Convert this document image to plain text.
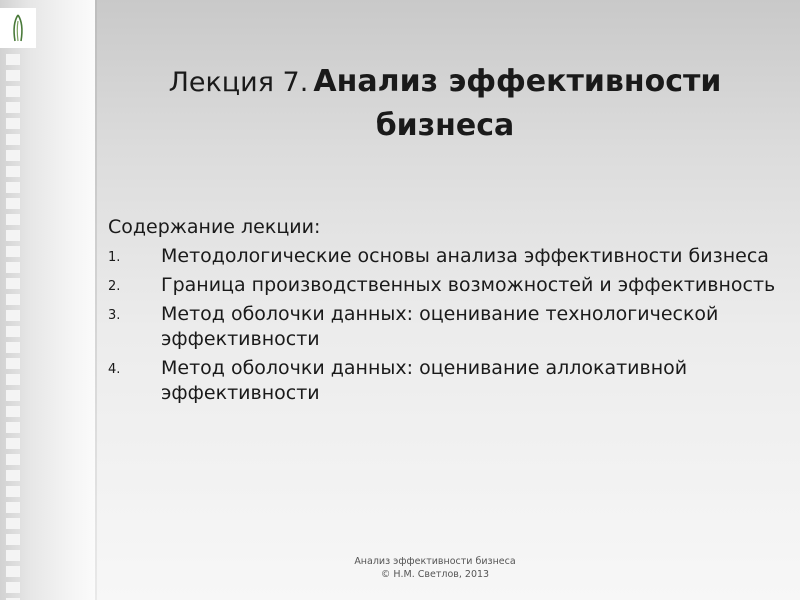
Лекция 7. Анализ эффективности бизнеса
Содержание лекции:
1. Методологические основы анализа эффективности бизнеса
2. Граница производственных возможностей и эффективность
3. Метод оболочки данных: оценивание технологической эффективности
4. Метод оболочки данных: оценивание аллокативной эффективности
Анализ эффективности бизнеса
© Н.М. Светлов, 2013
